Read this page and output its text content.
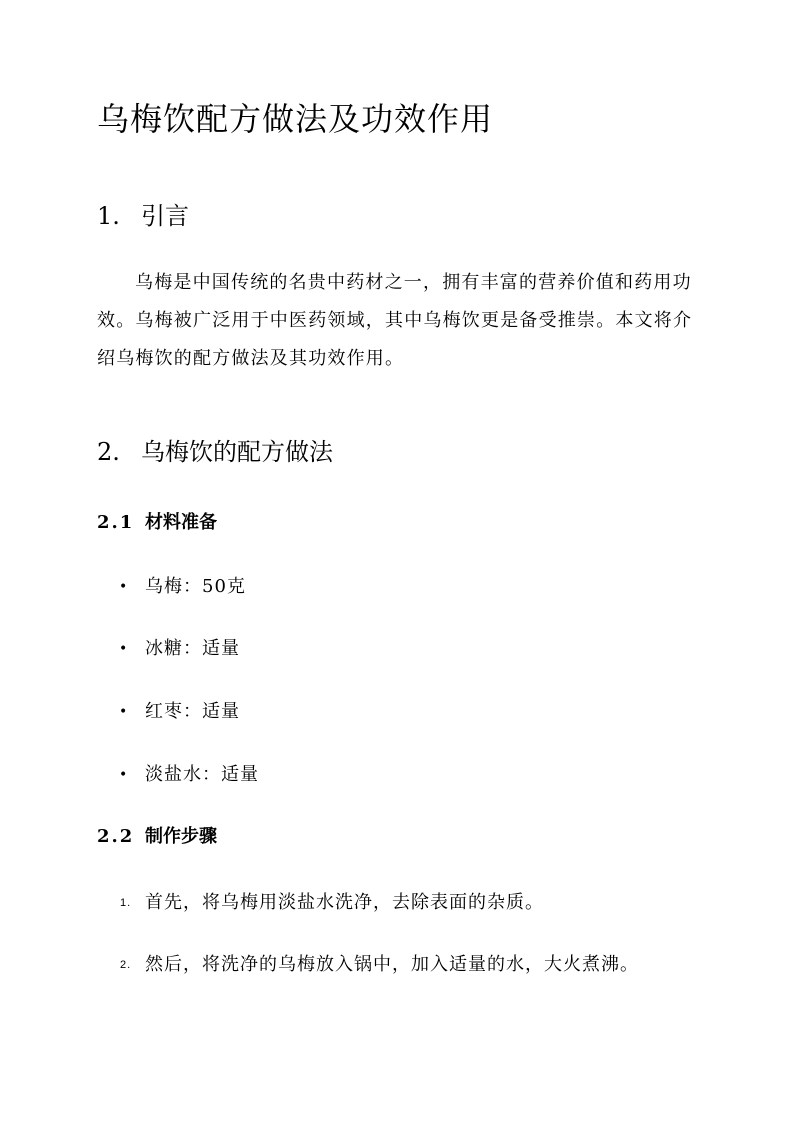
乌梅饮配方做法及功效作用
1. 引言

乌梅是中国传统的名贵中药材之一，拥有丰富的营养价值和药用功效。乌梅被广泛用于中医药领域，其中乌梅饮更是备受推崇。本文将介绍乌梅饮的配方做法及其功效作用。

2. 乌梅饮的配方做法
2.1 材料准备
• 乌梅：50克
• 冰糖：适量
• 红枣：适量
• 淡盐水：适量
2.2 制作步骤
1. 首先，将乌梅用淡盐水洗净，去除表面的杂质。
2. 然后，将洗净的乌梅放入锅中，加入适量的水，大火煮沸。
